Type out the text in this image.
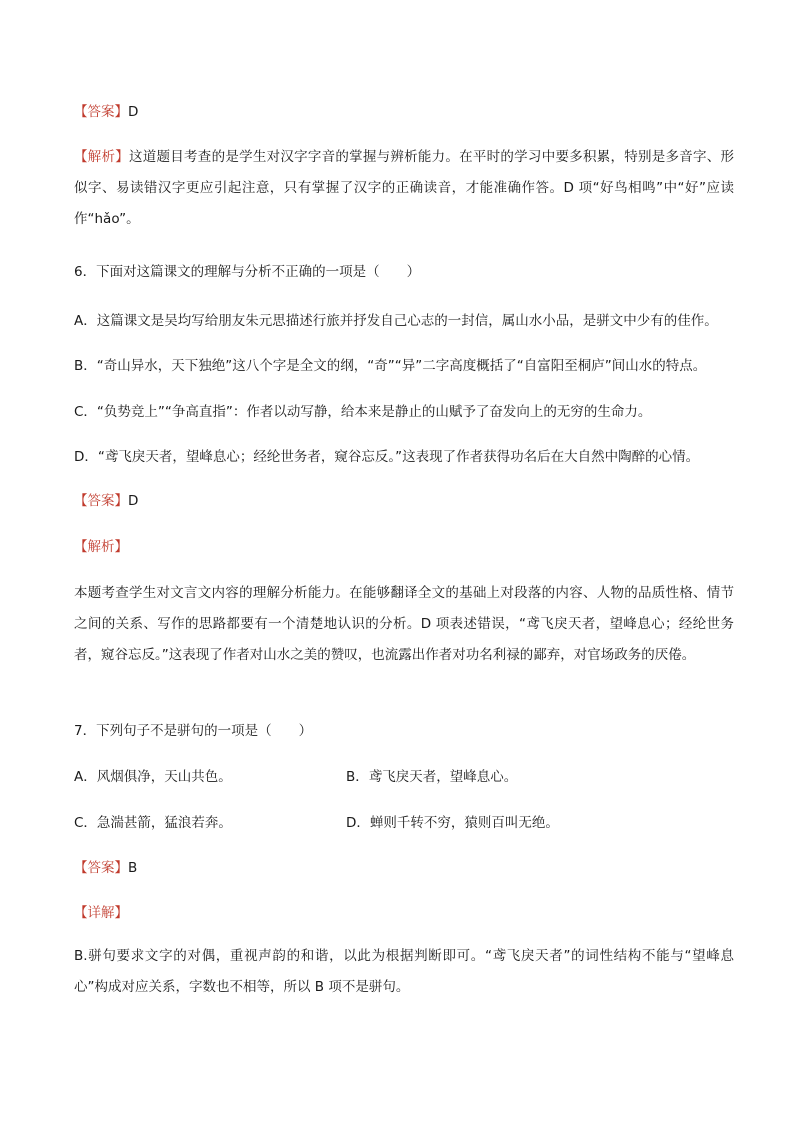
【答案】D
【解析】这道题目考查的是学生对汉字字音的掌握与辨析能力。在平时的学习中要多积累，特别是多音字、形似字、易读错汉字更应引起注意，只有掌握了汉字的正确读音，才能准确作答。D 项“好鸟相鸣”中“好”应读作“hǎo”。
6．下面对这篇课文的理解与分析不正确的一项是（　　）
A．这篇课文是吴均写给朋友朱元思描述行旅并抒发自己心志的一封信，属山水小品，是骈文中少有的佳作。
B．“奇山异水，天下独绝”这八个字是全文的纲，“奇”“异”二字高度概括了“自富阳至桐庐”间山水的特点。
C．“负势竞上”“争高直指”：作者以动写静，给本来是静止的山赋予了奋发向上的无穷的生命力。
D．“鸢飞戾天者，望峰息心；经纶世务者，窥谷忘反。”这表现了作者获得功名后在大自然中陶醉的心情。
【答案】D
【解析】
本题考查学生对文言文内容的理解分析能力。在能够翻译全文的基础上对段落的内容、人物的品质性格、情节之间的关系、写作的思路都要有一个清楚地认识的分析。D 项表述错误，“鸢飞戾天者，望峰息心；经纶世务者，窥谷忘反。”这表现了作者对山水之美的赞叹，也流露出作者对功名利禄的鄙弃，对官场政务的厌倦。
7．下列句子不是骈句的一项是（　　）
A．风烟俱净，天山共色。	B．鸢飞戾天者，望峰息心。
C．急湍甚箭，猛浪若奔。	D．蝉则千转不穷，猿则百叫无绝。
【答案】B
【详解】
B.骈句要求文字的对偶，重视声韵的和谐，以此为根据判断即可。“鸢飞戾天者”的词性结构不能与“望峰息心”构成对应关系，字数也不相等，所以 B 项不是骈句。
